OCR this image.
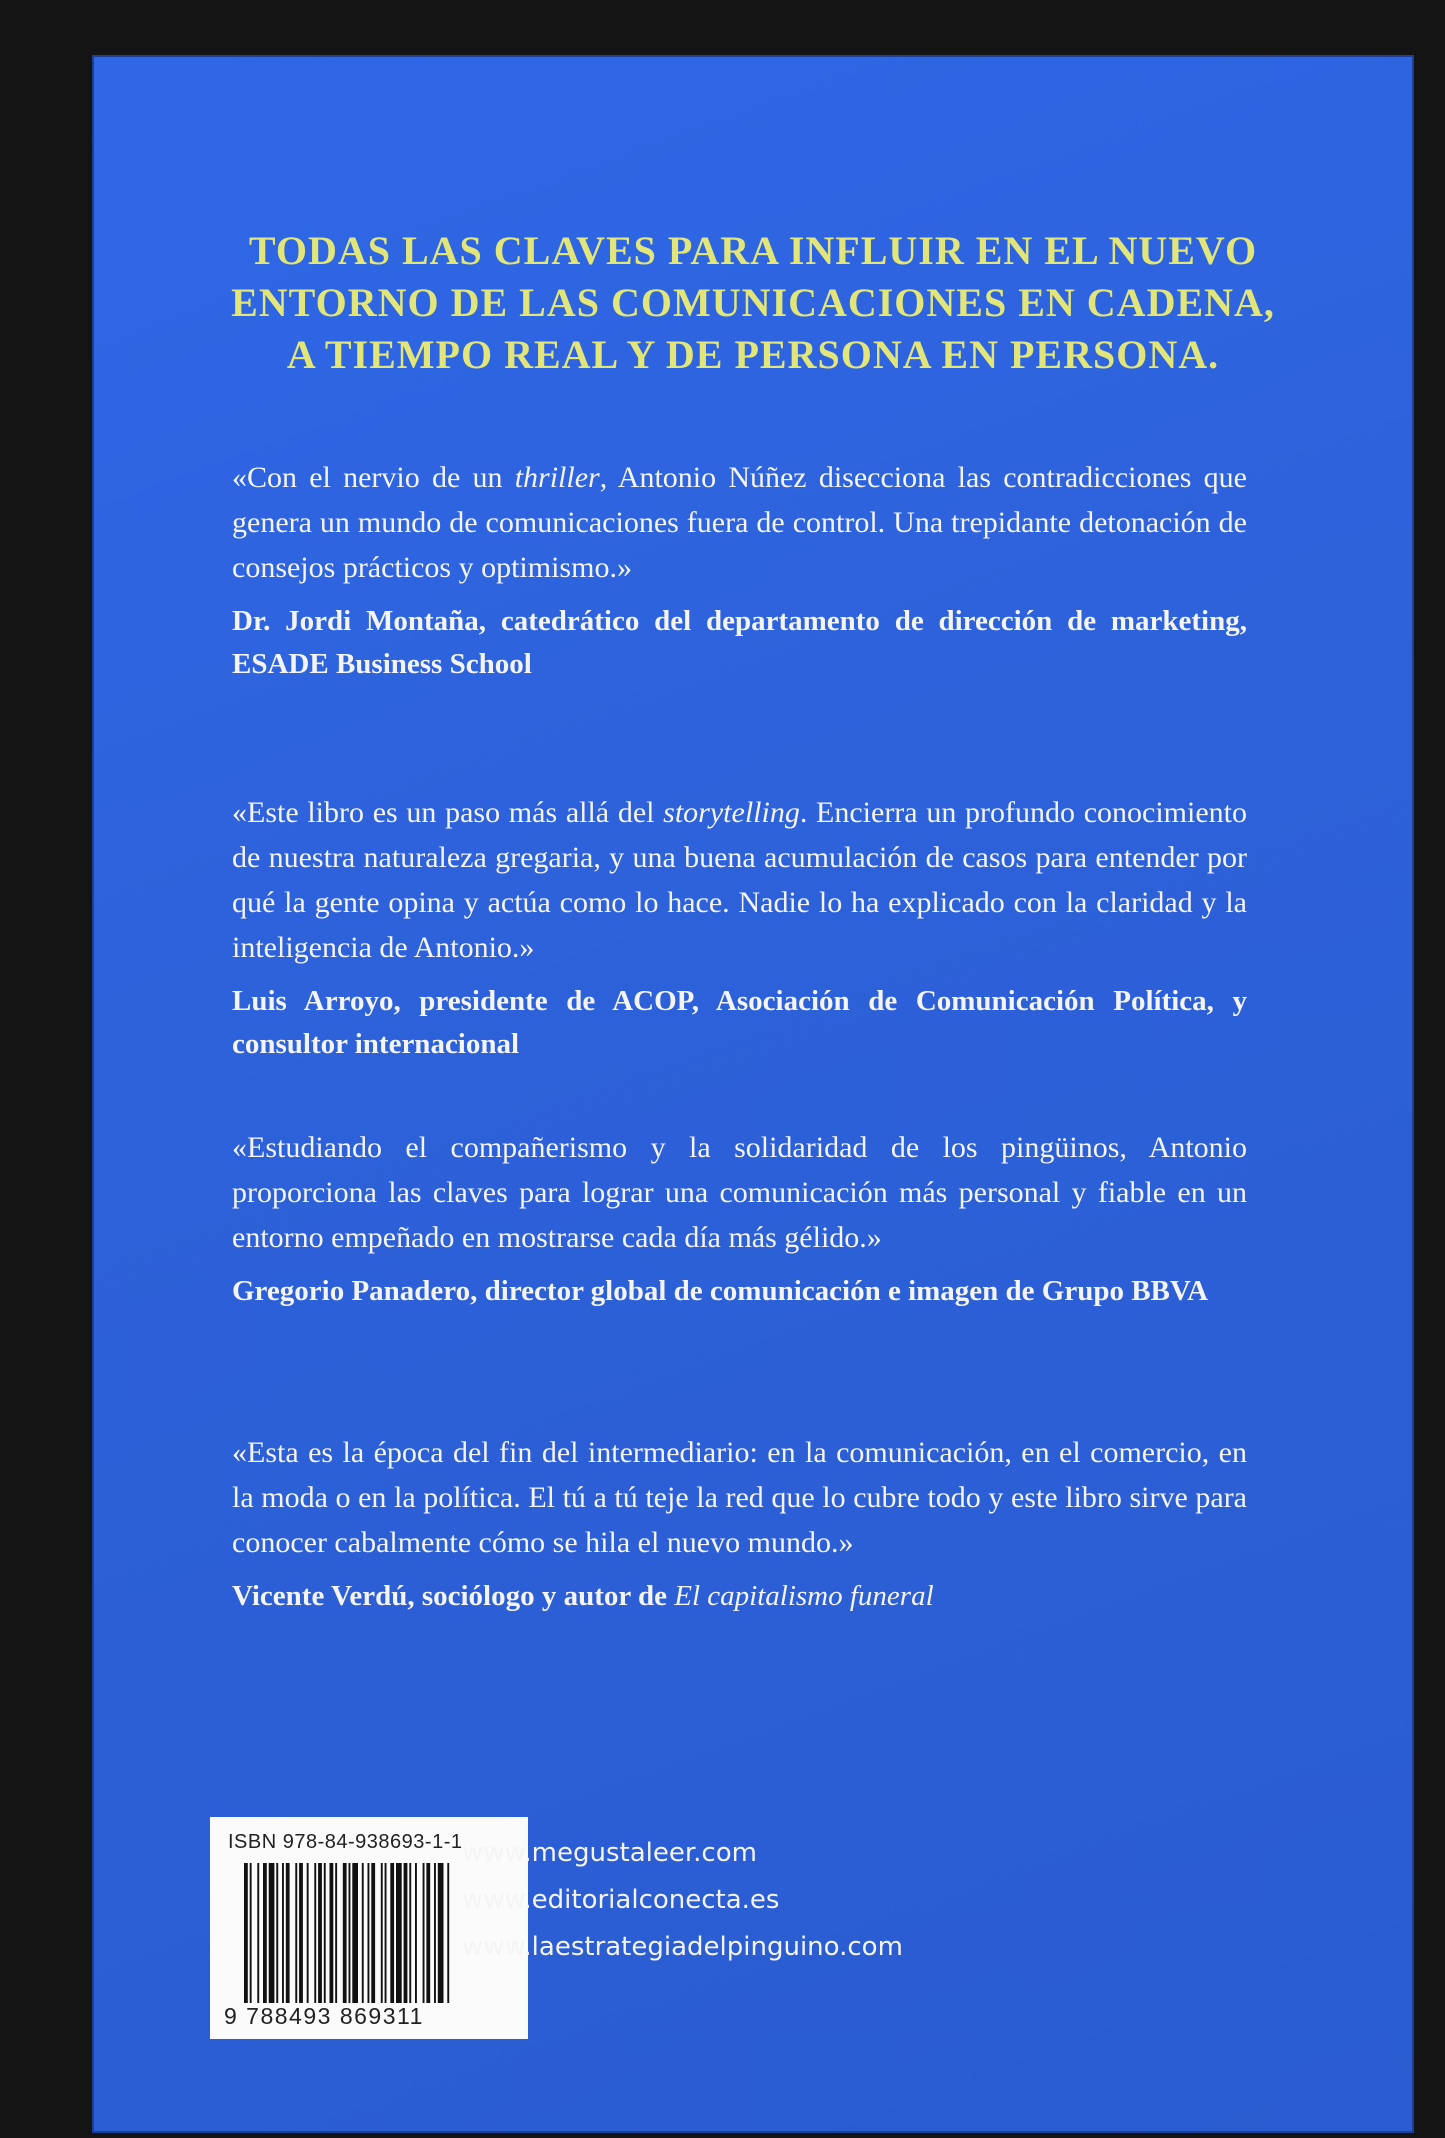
TODAS LAS CLAVES PARA INFLUIR EN EL NUEVO
ENTORNO DE LAS COMUNICACIONES EN CADENA,
A TIEMPO REAL Y DE PERSONA EN PERSONA.

«Con el nervio de un thriller, Antonio Núñez disecciona las contradicciones que genera un mundo de comunicaciones fuera de control. Una trepidante detonación de consejos prácticos y optimismo.»

Dr. Jordi Montaña, catedrático del departamento de dirección de marketing, ESADE Business School

«Este libro es un paso más allá del storytelling. Encierra un profundo conocimiento de nuestra naturaleza gregaria, y una buena acumulación de casos para entender por qué la gente opina y actúa como lo hace. Nadie lo ha explicado con la claridad y la inteligencia de Antonio.»

Luis Arroyo, presidente de ACOP, Asociación de Comunicación Política, y consultor internacional

«Estudiando el compañerismo y la solidaridad de los pingüinos, Antonio proporciona las claves para lograr una comunicación más personal y fiable en un entorno empeñado en mostrarse cada día más gélido.»

Gregorio Panadero, director global de comunicación e imagen de Grupo BBVA

«Esta es la época del fin del intermediario: en la comunicación, en el comercio, en la moda o en la política. El tú a tú teje la red que lo cubre todo y este libro sirve para conocer cabalmente cómo se hila el nuevo mundo.»

Vicente Verdú, sociólogo y autor de El capitalismo funeral

ISBN 978-84-938693-1-1
9 788493 869311
www.megustaleer.com
www.editorialconecta.es
www.laestrategiadelpinguino.com
